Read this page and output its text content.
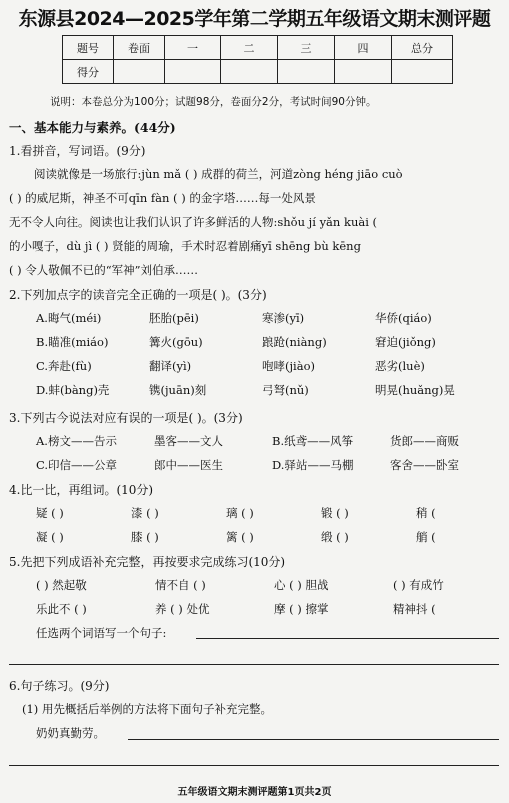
东源县2024—2025学年第二学期五年级语文期末测评题
题号	卷面	一	二	三	四	总分
得分						
说明：本卷总分为100分；试题98分，卷面分2分，考试时间90分钟。
一、基本能力与素养。(44分)
1.看拼音，写词语。(9分)
阅读就像是一场旅行:jùn mǎ ( ) 成群的荷兰，河道zòng héng jiāo cuò
( ) 的威尼斯，神圣不可qīn fàn ( ) 的金字塔……每一处风景
无不令人向往。阅读也让我们认识了许多鲜活的人物:shǒu jí yǎn kuài (
的小嘎子，dù jì ( ) 贤能的周瑜，手术时忍着剧痛yī shēng bù kēng
( ) 令人敬佩不已的“军神”刘伯承……
2.下列加点字的读音完全正确的一项是( )。(3分)
A.晦气(méi)	胚胎(pēi)	寒渗(yī)	华侨(qiáo)
B.瞄准(miáo)	篝火(gōu)	踉跄(niàng)	窘迫(jiǒng)
C.奔赴(fù)	翻译(yì)	咆哮(jiào)	恶劣(luè)
D.蚌(bàng)壳	镌(juān)刻	弓弩(nǔ)	明晃(huǎng)晃
3.下列古今说法对应有误的一项是( )。(3分)
A.榜文——告示	墨客——文人	B.纸鸢——风筝	货郎——商贩
C.印信——公章	郎中——医生	D.驿站——马棚	客舍——卧室
4.比一比，再组词。(10分)
疑 ( )	漆 ( )	璃 ( )	锻 ( )	稍 (
凝 ( )	膝 ( )	篱 ( )	缎 ( )	艄 (
5.先把下列成语补充完整，再按要求完成练习(10分)
( ) 然起敬	情不自 ( )	心 ( ) 胆战	( ) 有成竹
乐此不 ( )	养 ( ) 处优	摩 ( ) 擦掌	精神抖 (
任选两个词语写一个句子:
6.句子练习。(9分)
(1) 用先概括后举例的方法将下面句子补充完整。
奶奶真勤劳。
五年级语文期末测评题第1页共2页
